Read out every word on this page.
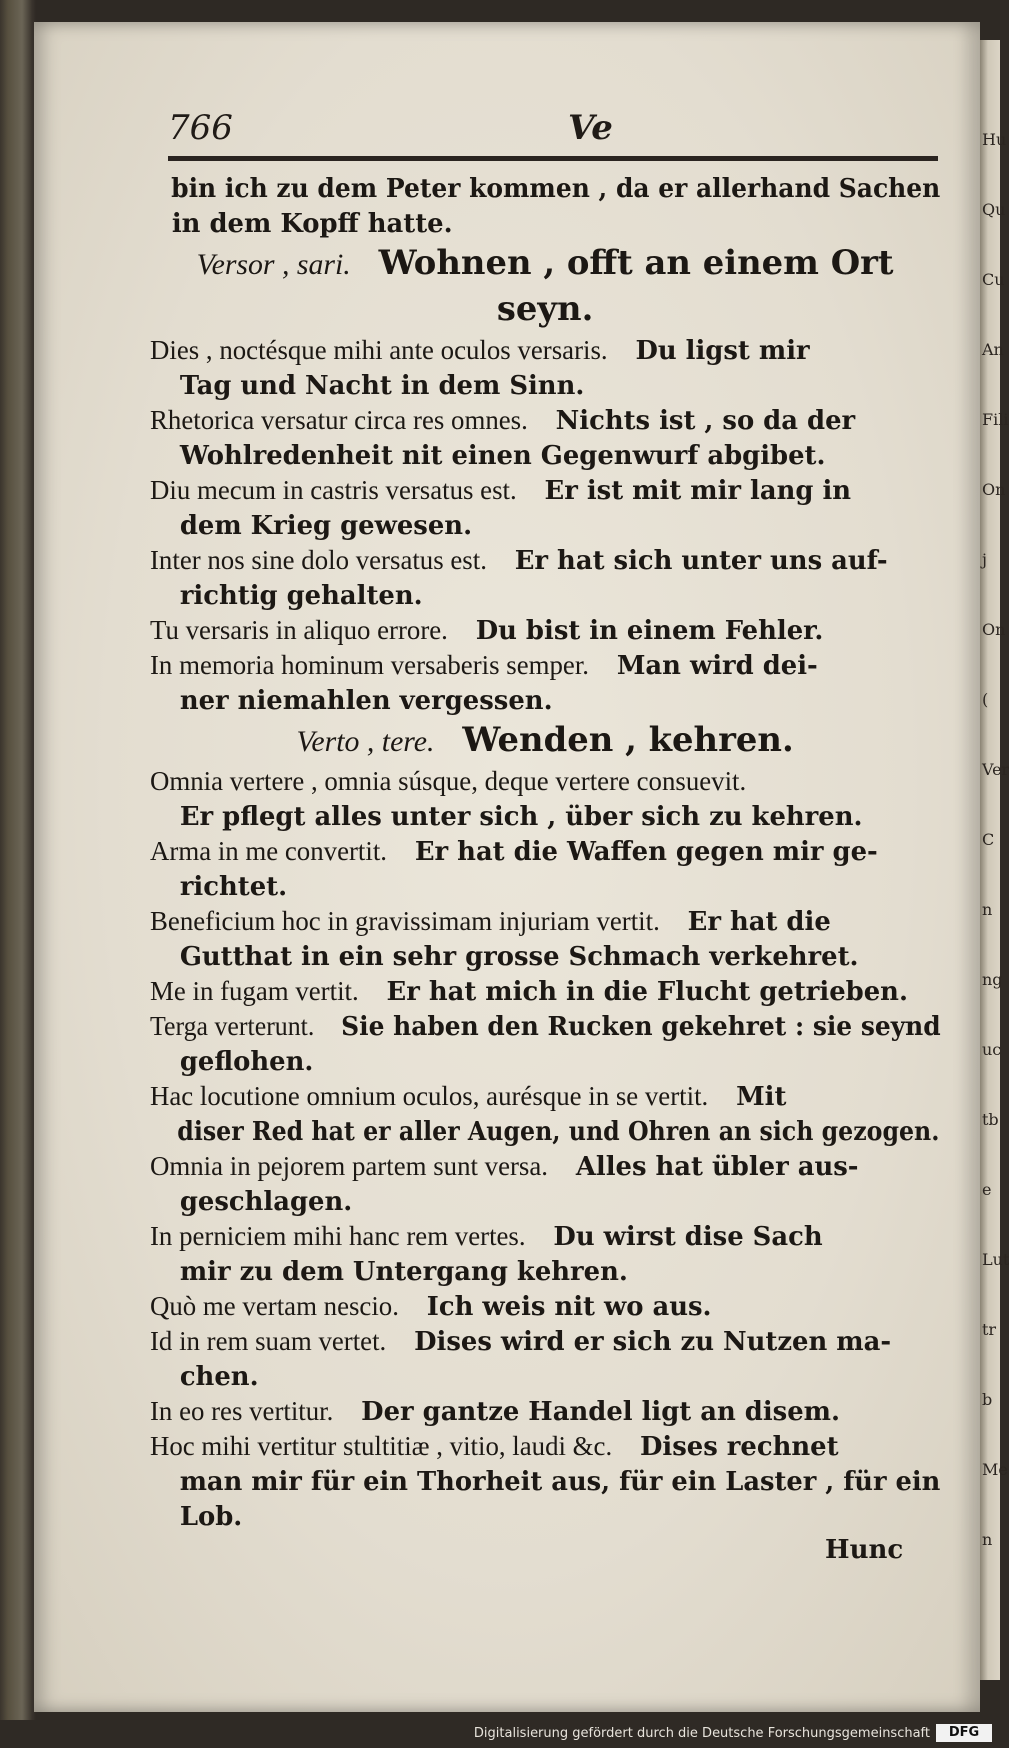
Hu
Qu
Cu
An
Fili
On
j
On
(
Ver
C
n
ng
uc
tb
e
Lut
tr
b
Me
n
766	Ve
bin ich zu dem Peter kommen , da er allerhand Sachen
in dem Kopff hatte.
Versor , sari.  Wohnen , offt an einem Ort
seyn.
Dies , noctésque mihi ante oculos versaris.  Du ligst mir
Tag und Nacht in dem Sinn.
Rhetorica versatur circa res omnes.  Nichts ist , so da der
Wohlredenheit nit einen Gegenwurf abgibet.
Diu mecum in castris versatus est.  Er ist mit mir lang in
dem Krieg gewesen.
Inter nos sine dolo versatus est.  Er hat sich unter uns auf-
richtig gehalten.
Tu versaris in aliquo errore.  Du bist in einem Fehler.
In memoria hominum versaberis semper.  Man wird dei-
ner niemahlen vergessen.
Verto , tere.  Wenden , kehren.
Omnia vertere , omnia súsque, deque vertere consuevit.
Er pflegt alles unter sich , über sich zu kehren.
Arma in me convertit.  Er hat die Waffen gegen mir ge-
richtet.
Beneficium hoc in gravissimam injuriam vertit.  Er hat die
Gutthat in ein sehr grosse Schmach verkehret.
Me in fugam vertit.  Er hat mich in die Flucht getrieben.
Terga verterunt.  Sie haben den Rucken gekehret : sie seynd
geflohen.
Hac locutione omnium oculos, aurésque in se vertit.  Mit
diser Red hat er aller Augen, und Ohren an sich gezogen.
Omnia in pejorem partem sunt versa.  Alles hat übler aus-
geschlagen.
In perniciem mihi hanc rem vertes.  Du wirst dise Sach
mir zu dem Untergang kehren.
Quò me vertam nescio.  Ich weis nit wo aus.
Id in rem suam vertet.  Dises wird er sich zu Nutzen ma-
chen.
In eo res vertitur.  Der gantze Handel ligt an disem.
Hoc mihi vertitur stultitiæ , vitio, laudi &c.  Dises rechnet
man mir für ein Thorheit aus, für ein Laster , für ein
Lob.
Hunc
Digitalisierung gefördert durch die Deutsche Forschungsgemeinschaft	DFG
